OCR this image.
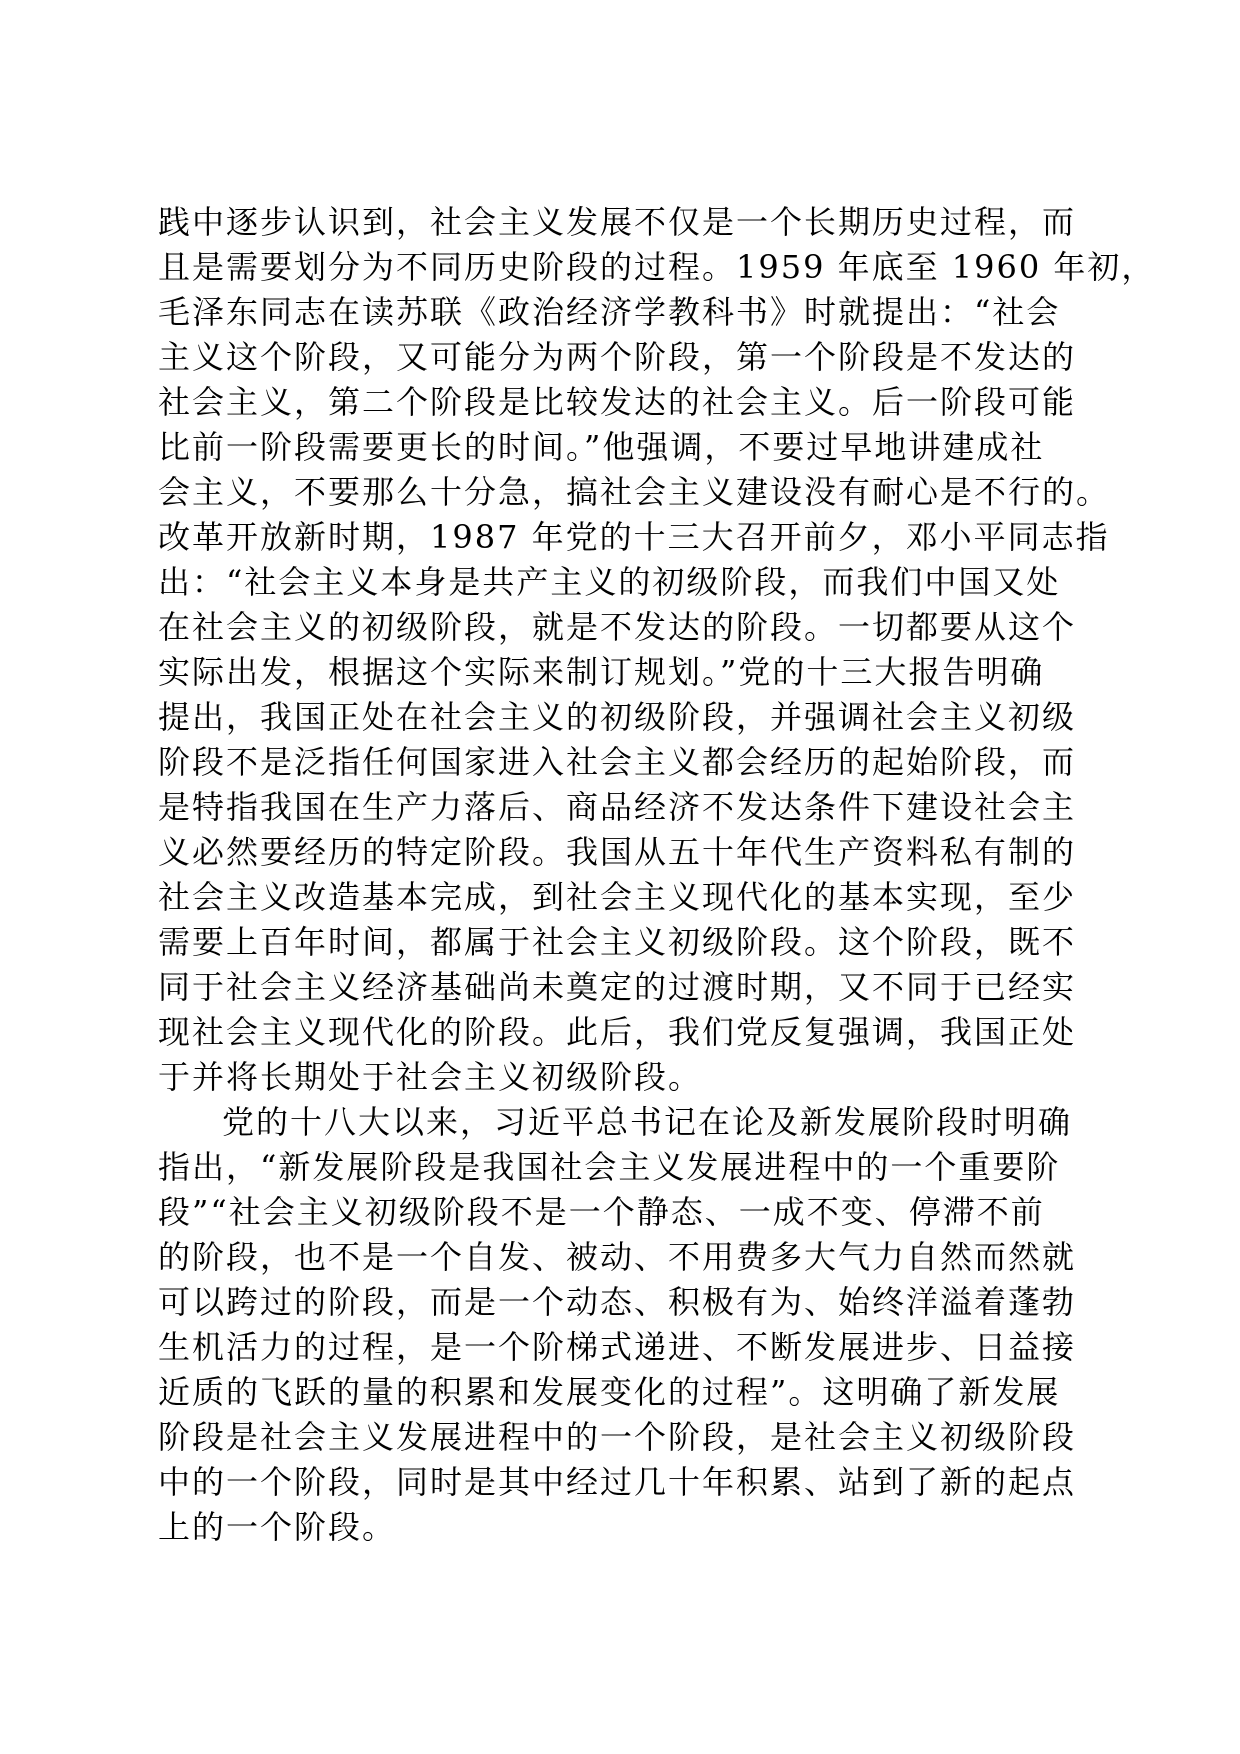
践中逐步认识到，社会主义发展不仅是一个长期历史过程，而
且是需要划分为不同历史阶段的过程。1959 年底至 1960 年初，
毛泽东同志在读苏联《政治经济学教科书》时就提出：“社会
主义这个阶段，又可能分为两个阶段，第一个阶段是不发达的
社会主义，第二个阶段是比较发达的社会主义。后一阶段可能
比前一阶段需要更长的时间。”他强调，不要过早地讲建成社
会主义，不要那么十分急，搞社会主义建设没有耐心是不行的。
改革开放新时期，1987 年党的十三大召开前夕，邓小平同志指
出：“社会主义本身是共产主义的初级阶段，而我们中国又处
在社会主义的初级阶段，就是不发达的阶段。一切都要从这个
实际出发，根据这个实际来制订规划。”党的十三大报告明确
提出，我国正处在社会主义的初级阶段，并强调社会主义初级
阶段不是泛指任何国家进入社会主义都会经历的起始阶段，而
是特指我国在生产力落后、商品经济不发达条件下建设社会主
义必然要经历的特定阶段。我国从五十年代生产资料私有制的
社会主义改造基本完成，到社会主义现代化的基本实现，至少
需要上百年时间，都属于社会主义初级阶段。这个阶段，既不
同于社会主义经济基础尚未奠定的过渡时期，又不同于已经实
现社会主义现代化的阶段。此后，我们党反复强调，我国正处
于并将长期处于社会主义初级阶段。
党的十八大以来，习近平总书记在论及新发展阶段时明确
指出，“新发展阶段是我国社会主义发展进程中的一个重要阶
段”“社会主义初级阶段不是一个静态、一成不变、停滞不前
的阶段，也不是一个自发、被动、不用费多大气力自然而然就
可以跨过的阶段，而是一个动态、积极有为、始终洋溢着蓬勃
生机活力的过程，是一个阶梯式递进、不断发展进步、日益接
近质的飞跃的量的积累和发展变化的过程”。这明确了新发展
阶段是社会主义发展进程中的一个阶段，是社会主义初级阶段
中的一个阶段，同时是其中经过几十年积累、站到了新的起点
上的一个阶段。
